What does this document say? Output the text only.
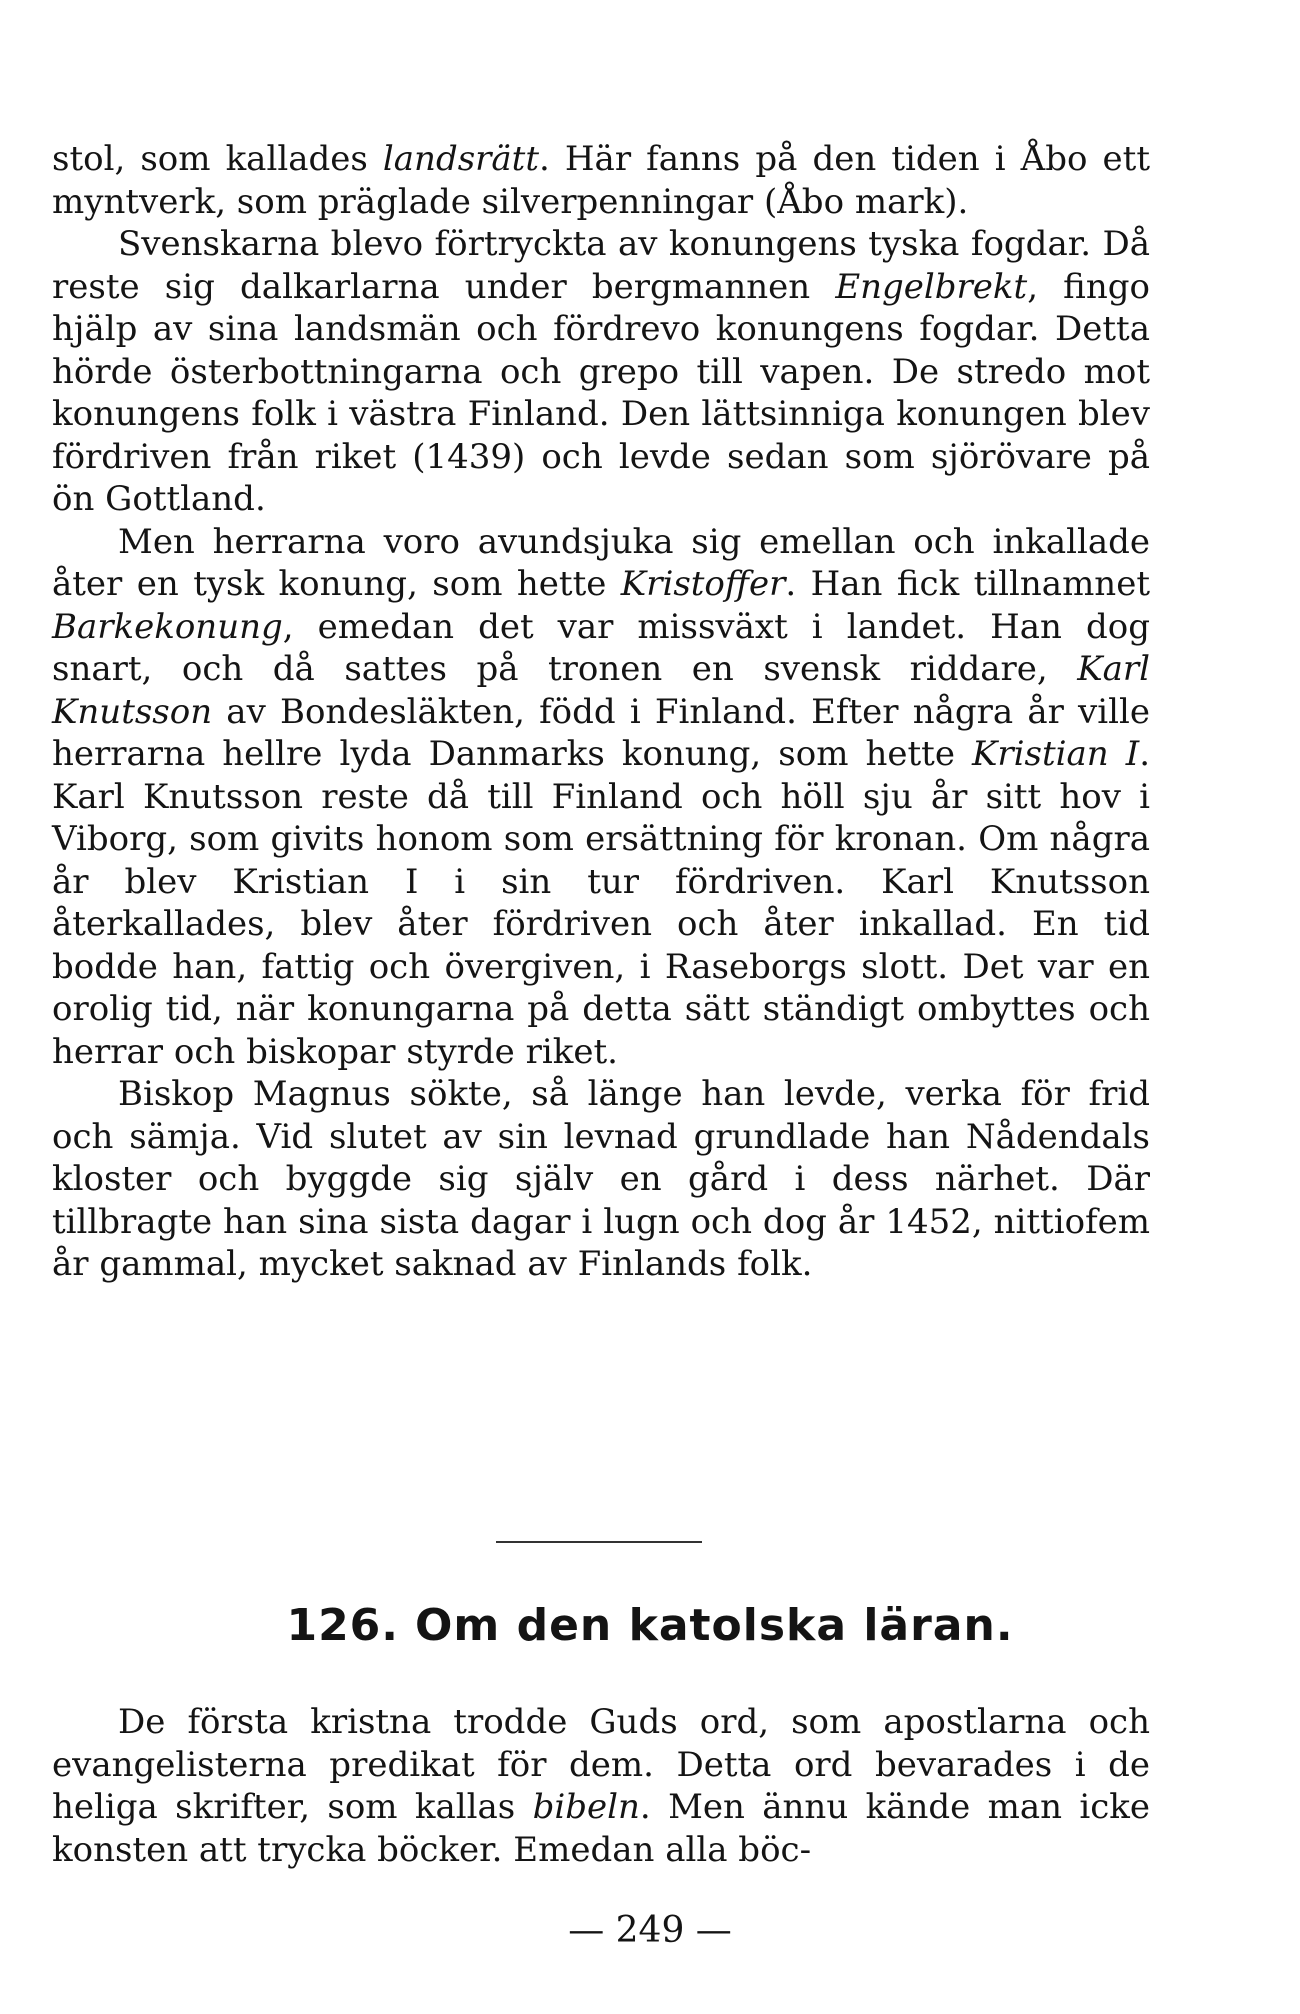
stol, som kallades landsrätt. Här fanns på den tiden i Åbo ett myntverk, som präglade silverpenningar (Åbo mark).

Svenskarna blevo förtryckta av konungens tyska fogdar. Då reste sig dalkarlarna under bergmannen Engelbrekt, fingo hjälp av sina landsmän och fördrevo konungens fogdar. Detta hörde österbottningarna och grepo till vapen. De stredo mot konungens folk i västra Finland. Den lättsinniga konungen blev fördriven från riket (1439) och levde sedan som sjörövare på ön Gottland.

Men herrarna voro avundsjuka sig emellan och inkallade åter en tysk konung, som hette Kristoffer. Han fick tillnamnet Barkekonung, emedan det var missväxt i landet. Han dog snart, och då sattes på tronen en svensk riddare, Karl Knutsson av Bondesläkten, född i Finland. Efter några år ville herrarna hellre lyda Danmarks konung, som hette Kristian I. Karl Knutsson reste då till Finland och höll sju år sitt hov i Viborg, som givits honom som ersättning för kronan. Om några år blev Kristian I i sin tur fördriven. Karl Knutsson återkallades, blev åter fördriven och åter inkallad. En tid bodde han, fattig och övergiven, i Raseborgs slott. Det var en orolig tid, när konungarna på detta sätt ständigt ombyttes och herrar och biskopar styrde riket.

Biskop Magnus sökte, så länge han levde, verka för frid och sämja. Vid slutet av sin levnad grundlade han Nådendals kloster och byggde sig själv en gård i dess närhet. Där tillbragte han sina sista dagar i lugn och dog år 1452, nittiofem år gammal, mycket saknad av Finlands folk.

126. Om den katolska läran.

De första kristna trodde Guds ord, som apostlarna och evangelisterna predikat för dem. Detta ord bevarades i de heliga skrifter, som kallas bibeln. Men ännu kände man icke konsten att trycka böcker. Emedan alla böc-

— 249 —
